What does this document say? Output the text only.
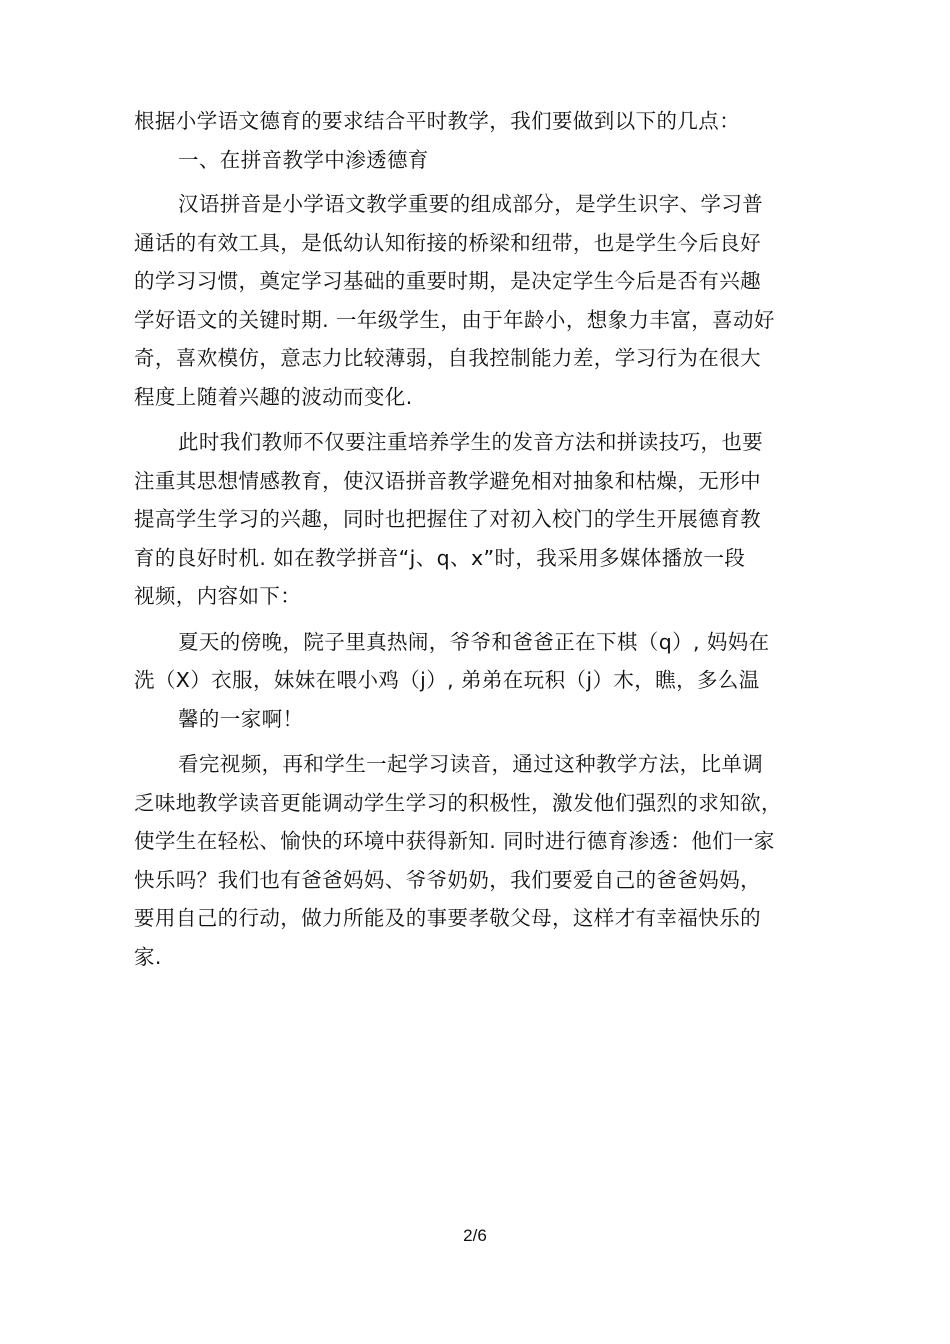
根据小学语文德育的要求结合平时教学，我们要做到以下的几点：
一、在拼音教学中渗透德育
汉语拼音是小学语文教学重要的组成部分，是学生识字、学习普
通话的有效工具，是低幼认知衔接的桥梁和纽带，也是学生今后良好
的学习习惯，奠定学习基础的重要时期，是决定学生今后是否有兴趣
学好语文的关键时期. 一年级学生，由于年龄小，想象力丰富，喜动好
奇，喜欢模仿，意志力比较薄弱，自我控制能力差，学习行为在很大
程度上随着兴趣的波动而变化.
此时我们教师不仅要注重培养学生的发音方法和拼读技巧，也要
注重其思想情感教育，使汉语拼音教学避免相对抽象和枯燥，无形中
提高学生学习的兴趣，同时也把握住了对初入校门的学生开展德育教
育的良好时机. 如在教学拼音“j、q、x”时，我采用多媒体播放一段
视频，内容如下：
夏天的傍晚，院子里真热闹，爷爷和爸爸正在下棋（q）, 妈妈在
洗（X）衣服，妹妹在喂小鸡（j）, 弟弟在玩积（j）木，瞧，多么温
馨的一家啊！
看完视频，再和学生一起学习读音，通过这种教学方法，比单调
乏味地教学读音更能调动学生学习的积极性，激发他们强烈的求知欲，
使学生在轻松、愉快的环境中获得新知. 同时进行德育渗透：他们一家
快乐吗？我们也有爸爸妈妈、爷爷奶奶，我们要爱自己的爸爸妈妈，
要用自己的行动，做力所能及的事要孝敬父母，这样才有幸福快乐的
家.
2/6
